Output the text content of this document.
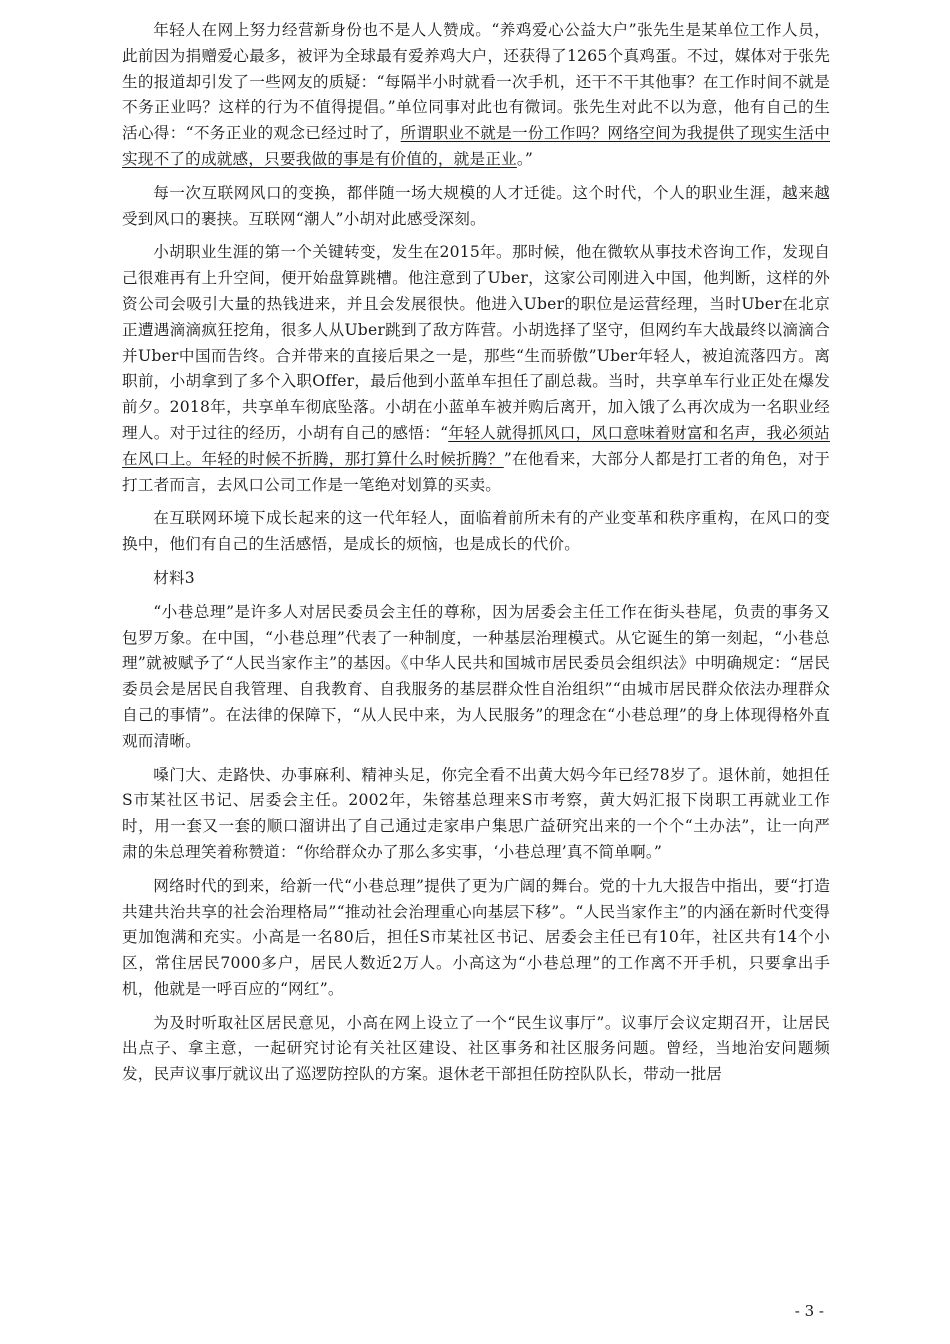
年轻人在网上努力经营新身份也不是人人赞成。“养鸡爱心公益大户”张先生是某单位工作人员，此前因为捐赠爱心最多，被评为全球最有爱养鸡大户，还获得了1265个真鸡蛋。不过，媒体对于张先生的报道却引发了一些网友的质疑：“每隔半小时就看一次手机，还干不干其他事？在工作时间不就是不务正业吗？这样的行为不值得提倡。”单位同事对此也有微词。张先生对此不以为意，他有自己的生活心得：“不务正业的观念已经过时了，所谓职业不就是一份工作吗？网络空间为我提供了现实生活中实现不了的成就感，只要我做的事是有价值的，就是正业。”

每一次互联网风口的变换，都伴随一场大规模的人才迁徙。这个时代，个人的职业生涯，越来越受到风口的裹挟。互联网“潮人”小胡对此感受深刻。

小胡职业生涯的第一个关键转变，发生在2015年。那时候，他在微软从事技术咨询工作，发现自己很难再有上升空间，便开始盘算跳槽。他注意到了Uber，这家公司刚进入中国，他判断，这样的外资公司会吸引大量的热钱进来，并且会发展很快。他进入Uber的职位是运营经理，当时Uber在北京正遭遇滴滴疯狂挖角，很多人从Uber跳到了敌方阵营。小胡选择了坚守，但网约车大战最终以滴滴合并Uber中国而告终。合并带来的直接后果之一是，那些“生而骄傲”Uber年轻人，被迫流落四方。离职前，小胡拿到了多个入职Offer，最后他到小蓝单车担任了副总裁。当时，共享单车行业正处在爆发前夕。2018年，共享单车彻底坠落。小胡在小蓝单车被并购后离开，加入饿了么再次成为一名职业经理人。对于过往的经历，小胡有自己的感悟：“年轻人就得抓风口，风口意味着财富和名声，我必须站在风口上。年轻的时候不折腾，那打算什么时候折腾？”在他看来，大部分人都是打工者的角色，对于打工者而言，去风口公司工作是一笔绝对划算的买卖。

在互联网环境下成长起来的这一代年轻人，面临着前所未有的产业变革和秩序重构，在风口的变换中，他们有自己的生活感悟，是成长的烦恼，也是成长的代价。

材料3

“小巷总理”是许多人对居民委员会主任的尊称，因为居委会主任工作在街头巷尾，负责的事务又包罗万象。在中国，“小巷总理”代表了一种制度，一种基层治理模式。从它诞生的第一刻起，“小巷总理”就被赋予了“人民当家作主”的基因。《中华人民共和国城市居民委员会组织法》中明确规定：“居民委员会是居民自我管理、自我教育、自我服务的基层群众性自治组织”“由城市居民群众依法办理群众自己的事情”。在法律的保障下，“从人民中来，为人民服务”的理念在“小巷总理”的身上体现得格外直观而清晰。

嗓门大、走路快、办事麻利、精神头足，你完全看不出黄大妈今年已经78岁了。退休前，她担任S市某社区书记、居委会主任。2002年，朱镕基总理来S市考察，黄大妈汇报下岗职工再就业工作时，用一套又一套的顺口溜讲出了自己通过走家串户集思广益研究出来的一个个“土办法”，让一向严肃的朱总理笑着称赞道：“你给群众办了那么多实事，‘小巷总理’真不简单啊。”

网络时代的到来，给新一代“小巷总理”提供了更为广阔的舞台。党的十九大报告中指出，要“打造共建共治共享的社会治理格局”“推动社会治理重心向基层下移”。“人民当家作主”的内涵在新时代变得更加饱满和充实。小高是一名80后，担任S市某社区书记、居委会主任已有10年，社区共有14个小区，常住居民7000多户，居民人数近2万人。小高这为“小巷总理”的工作离不开手机，只要拿出手机，他就是一呼百应的“网红”。

为及时听取社区居民意见，小高在网上设立了一个“民生议事厅”。议事厅会议定期召开，让居民出点子、拿主意，一起研究讨论有关社区建设、社区事务和社区服务问题。曾经，当地治安问题频发，民声议事厅就议出了巡逻防控队的方案。退休老干部担任防控队队长，带动一批居

- 3 -
